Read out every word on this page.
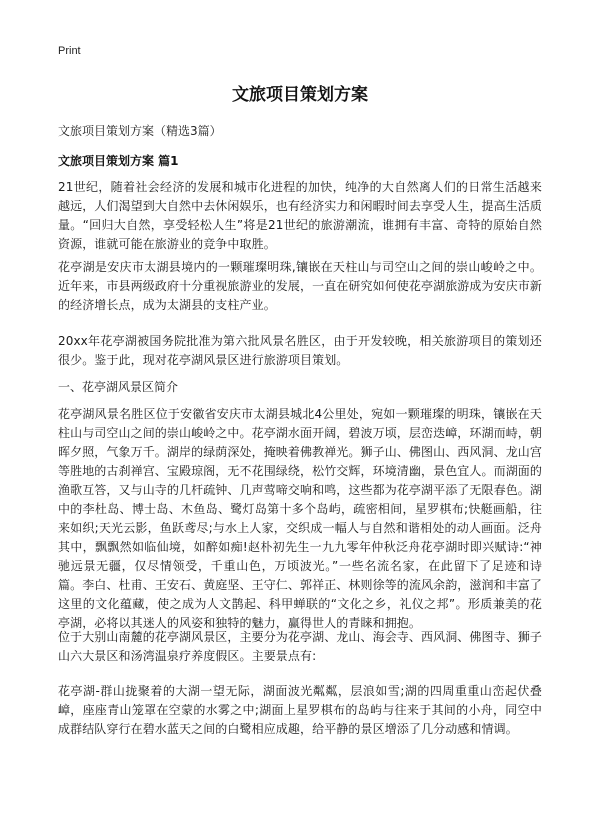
Print
文旅项目策划方案
文旅项目策划方案（精选3篇）
文旅项目策划方案 篇1
21世纪，随着社会经济的发展和城市化进程的加快，纯净的大自然离人们的日常生活越来越远，人们渴望到大自然中去休闲娱乐，也有经济实力和闲暇时间去享受人生，提高生活质量。“回归大自然，享受轻松人生”将是21世纪的旅游潮流，谁拥有丰富、奇特的原始自然资源，谁就可能在旅游业的竞争中取胜。
花亭湖是安庆市太湖县境内的一颗璀璨明珠,镶嵌在天柱山与司空山之间的崇山峻岭之中。近年来，市县两级政府十分重视旅游业的发展，一直在研究如何使花亭湖旅游成为安庆市新的经济增长点，成为太湖县的支柱产业。
20xx年花亭湖被国务院批准为第六批风景名胜区，由于开发较晚，相关旅游项目的策划还很少。鉴于此，现对花亭湖风景区进行旅游项目策划。
一、花亭湖风景区简介
花亭湖风景名胜区位于安徽省安庆市太湖县城北4公里处，宛如一颗璀璨的明珠，镶嵌在天柱山与司空山之间的崇山峻岭之中。花亭湖水面开阔，碧波万顷，层峦迭嶂，环湖而峙，朝晖夕照，气象万千。湖岸的绿荫深处，掩映着佛教禅光。狮子山、佛图山、西风洞、龙山宫等胜地的古刹禅宫、宝殿琼阁，无不花围绿绕，松竹交辉，环境清幽，景色宜人。而湖面的渔歌互答，又与山寺的几杆疏钟、几声莺啼交响和鸣，这些都为花亭湖平添了无限春色。湖中的李杜岛、博士岛、木鱼岛、鹭灯岛第十多个岛屿，疏密相间，星罗棋布;快艇画船，往来如织;天光云影，鱼跃鸢尽;与水上人家，交织成一幅人与自然和谐相处的动人画面。泛舟其中，飘飘然如临仙境，如醉如痴!赵朴初先生一九九零年仲秋泛舟花亭湖时即兴赋诗:“神驰远景无疆，仅尽情领受，千重山色，万顷波光。”一些名流名家，在此留下了足迹和诗篇。李白、杜甫、王安石、黄庭坚、王守仁、郭祥正、林则徐等的流风余韵，滋润和丰富了这里的文化蕴藏，使之成为人文鹊起、科甲蝉联的“文化之乡，礼仪之邦”。形质兼美的花亭湖，必将以其迷人的风姿和独特的魅力，赢得世人的青睐和拥抱。
位于大别山南麓的花亭湖风景区，主要分为花亭湖、龙山、海会寺、西风洞、佛图寺、狮子山六大景区和汤湾温泉疗养度假区。主要景点有:
花亭湖-群山拢聚着的大湖一望无际，湖面波光粼粼，层浪如雪;湖的四周重重山峦起伏叠嶂，座座青山笼罩在空蒙的水雾之中;湖面上星罗棋布的岛屿与往来于其间的小舟，同空中成群结队穿行在碧水蓝天之间的白鹭相应成趣，给平静的景区增添了几分动感和情调。
